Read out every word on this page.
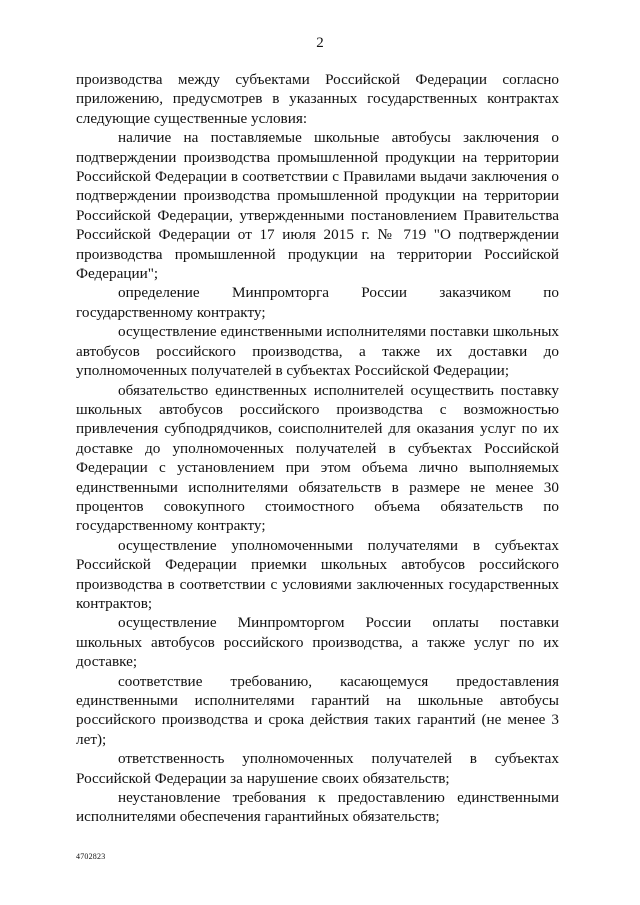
2

производства между субъектами Российской Федерации согласно приложению, предусмотрев в указанных государственных контрактах следующие существенные условия:

наличие на поставляемые школьные автобусы заключения о подтверждении производства промышленной продукции на территории Российской Федерации в соответствии с Правилами выдачи заключения о подтверждении производства промышленной продукции на территории Российской Федерации, утвержденными постановлением Правительства Российской Федерации от 17 июля 2015 г. № 719 "О подтверждении производства промышленной продукции на территории Российской Федерации";

определение Минпромторга России заказчиком по государственному контракту;

осуществление единственными исполнителями поставки школьных автобусов российского производства, а также их доставки до уполномоченных получателей в субъектах Российской Федерации;

обязательство единственных исполнителей осуществить поставку школьных автобусов российского производства с возможностью привлечения субподрядчиков, соисполнителей для оказания услуг по их доставке до уполномоченных получателей в субъектах Российской Федерации с установлением при этом объема лично выполняемых единственными исполнителями обязательств в размере не менее 30 процентов совокупного стоимостного объема обязательств по государственному контракту;

осуществление уполномоченными получателями в субъектах Российской Федерации приемки школьных автобусов российского производства в соответствии с условиями заключенных государственных контрактов;

осуществление Минпромторгом России оплаты поставки школьных автобусов российского производства, а также услуг по их доставке;

соответствие требованию, касающемуся предоставления единственными исполнителями гарантий на школьные автобусы российского производства и срока действия таких гарантий (не менее 3 лет);

ответственность уполномоченных получателей в субъектах Российской Федерации за нарушение своих обязательств;

неустановление требования к предоставлению единственными исполнителями обеспечения гарантийных обязательств;

4702823
